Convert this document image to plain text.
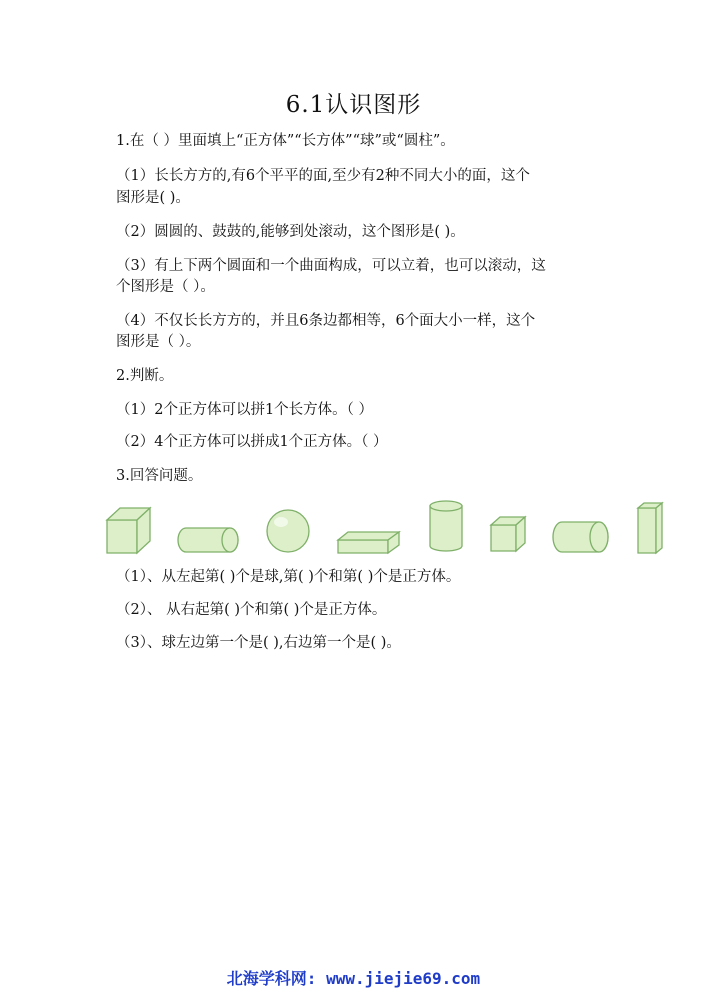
6.1认识图形
1.在（ ）里面填上“正方体”“长方体”“球”或“圆柱”。
（1）长长方方的,有6个平平的面,至少有2种不同大小的面，这个
图形是( )。
（2）圆圆的、鼓鼓的,能够到处滚动，这个图形是( )。
（3）有上下两个圆面和一个曲面构成，可以立着，也可以滚动，这
个图形是（ ）。
（4）不仅长长方方的，并且6条边都相等，6个面大小一样，这个
图形是（ ）。
2.判断。
（1）2个正方体可以拼1个长方体。（ ）
（2）4个正方体可以拼成1个正方体。（ ）
3.回答问题。
（1）、从左起第( )个是球,第( )个和第( )个是正方体。
（2）、 从右起第( )个和第( )个是正方体。
（3）、球左边第一个是( ),右边第一个是( )。
北海学科网: www.jiejie69.com
